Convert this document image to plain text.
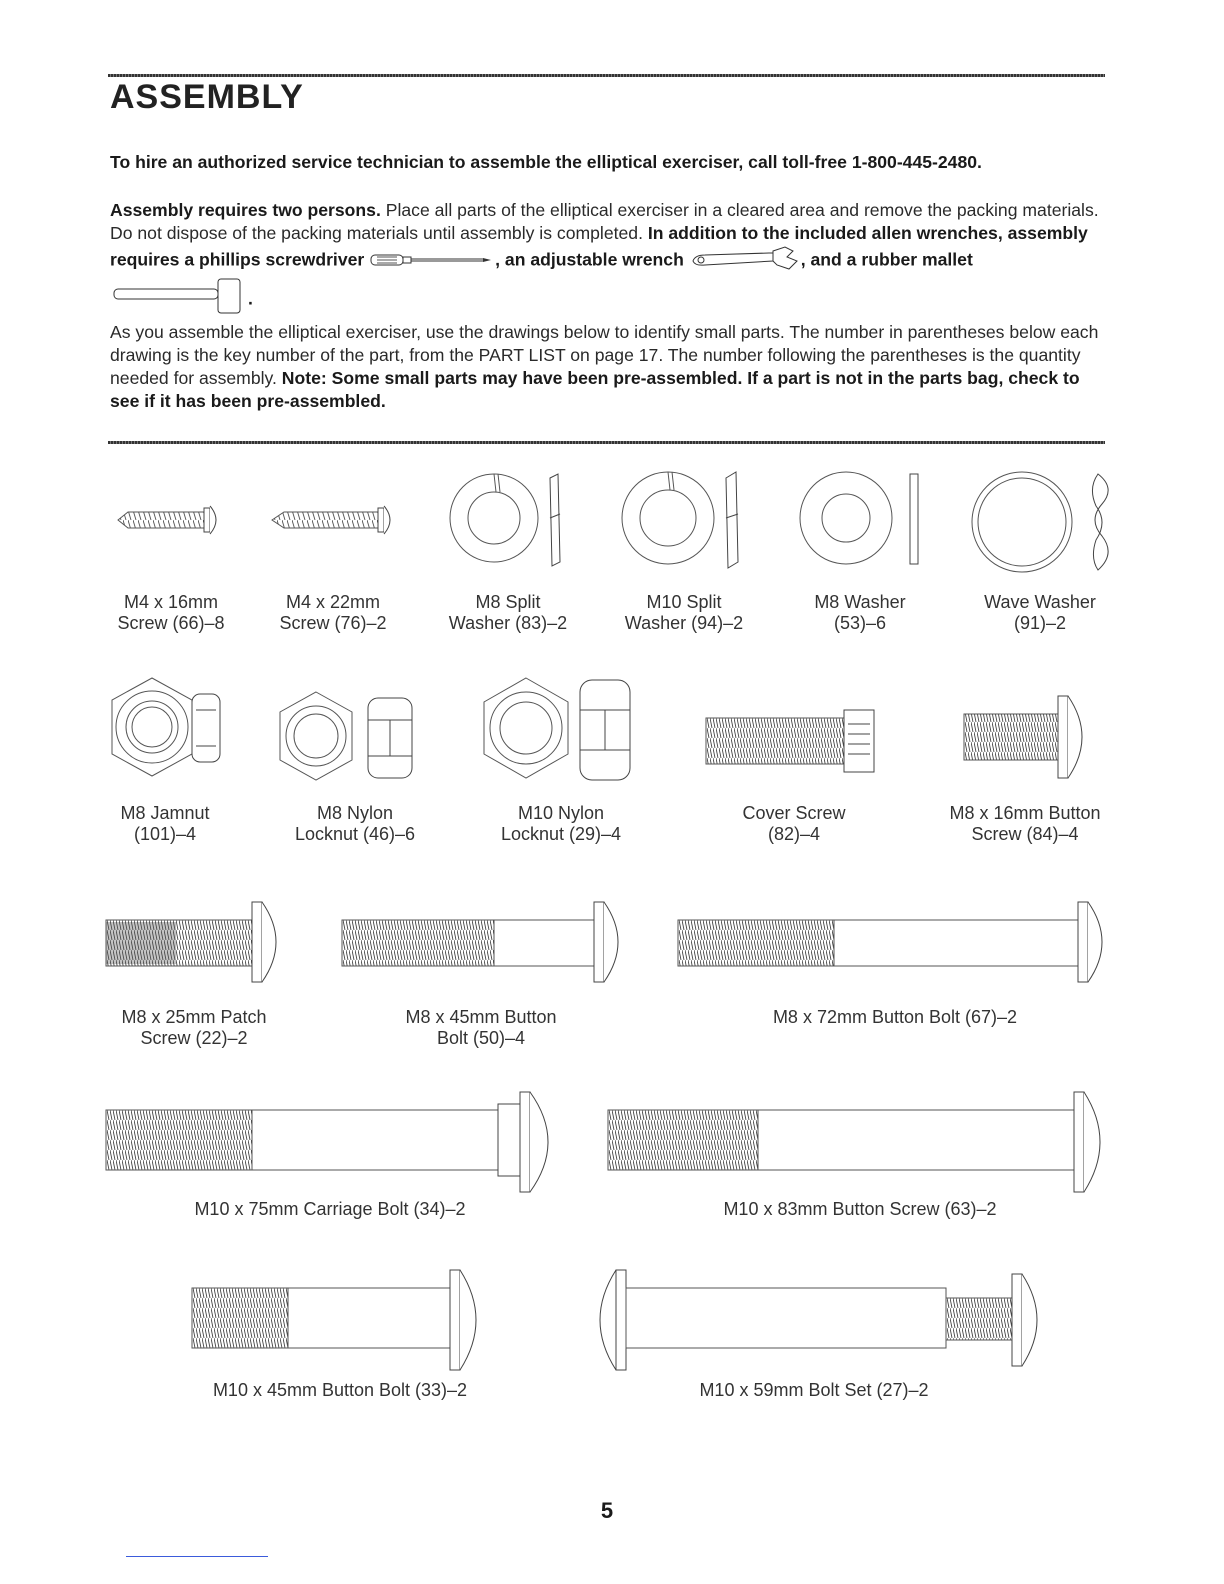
ASSEMBLY
To hire an authorized service technician to assemble the elliptical exerciser, call toll-free 1-800-445-2480.
Assembly requires two persons. Place all parts of the elliptical exerciser in a cleared area and remove the packing materials. Do not dispose of the packing materials until assembly is completed. In addition to the included allen wrenches, assembly requires a phillips screwdriver	, an adjustable wrench	, and a rubber mallet .
As you assemble the elliptical exerciser, use the drawings below to identify small parts. The number in parentheses below each drawing is the key number of the part, from the PART LIST on page 17. The number following the parentheses is the quantity needed for assembly. Note: Some small parts may have been pre-assembled. If a part is not in the parts bag, check to see if it has been pre-assembled.
M4 x 16mm
Screw (66)–8
M4 x 22mm
Screw (76)–2
M8 Split
Washer (83)–2
M10 Split
Washer (94)–2
M8 Washer
(53)–6
Wave Washer
(91)–2
M8 Jamnut
(101)–4
M8 Nylon
Locknut (46)–6
M10 Nylon
Locknut (29)–4
Cover Screw
(82)–4
M8 x 16mm Button
Screw (84)–4
M8 x 25mm Patch
Screw (22)–2
M8 x 45mm Button
Bolt (50)–4
M8 x 72mm Button Bolt (67)–2
M10 x 75mm Carriage Bolt (34)–2	M10 x 83mm Button Screw (63)–2
M10 x 45mm Button Bolt (33)–2	M10 x 59mm Bolt Set (27)–2
5
